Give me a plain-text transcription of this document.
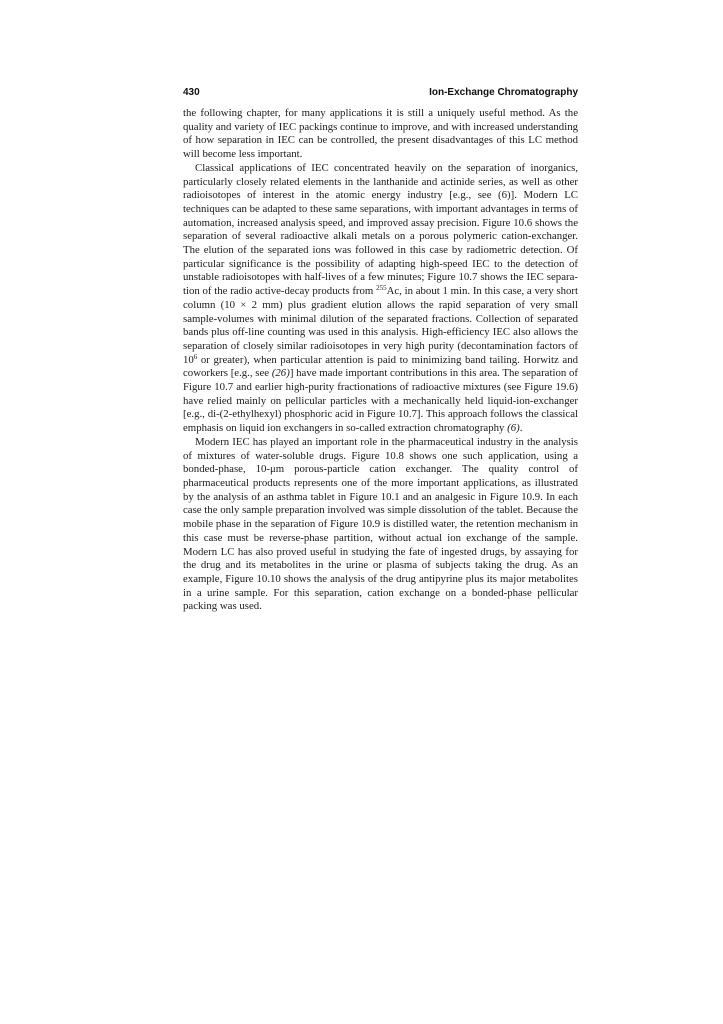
430	Ion-Exchange Chromatography

the following chapter, for many applications it is still a uniquely useful method. As the quality and variety of IEC packings continue to improve, and with increased understanding of how separation in IEC can be controlled, the present disadvantages of this LC method will become less important.

Classical applications of IEC concentrated heavily on the separation of inorganics, particularly closely related elements in the lanthanide and actinide series, as well as other radioisotopes of interest in the atomic energy industry [e.g., see (6)]. Modern LC techniques can be adapted to these same separations, with important advantages in terms of automation, increased analysis speed, and improved assay precision. Figure 10.6 shows the separation of several radioactive alkali metals on a porous polymeric cation-exchanger. The elution of the separated ions was followed in this case by radiometric detection. Of particular significance is the possibility of adapting high-speed IEC to the detection of unstable radioisotopes with half-lives of a few minutes; Figure 10.7 shows the IEC separation of the radio active-decay products from $^{255}$Ac, in about 1 min. In this case, a very short column (10 × 2 mm) plus gradient elution allows the rapid separation of very small sample-volumes with minimal dilution of the separated fractions. Collection of separated bands plus off-line counting was used in this analysis. High-efficiency IEC also allows the separation of closely similar radioisotopes in very high purity (decontamination factors of $10^6$ or greater), when particular attention is paid to minimizing band tailing. Horwitz and coworkers [e.g., see (26)] have made important contributions in this area. The separation of Figure 10.7 and earlier high-purity fractionations of radioactive mixtures (see Figure 19.6) have relied mainly on pellicular particles with a mechanically held liquid-ion-exchanger [e.g., di-(2-ethylhexyl) phosphoric acid in Figure 10.7]. This approach follows the classical emphasis on liquid ion exchangers in so-called extraction chromatography (6).

Modern IEC has played an important role in the pharmaceutical industry in the analysis of mixtures of water-soluble drugs. Figure 10.8 shows one such application, using a bonded-phase, 10-μm porous-particle cation exchanger. The quality control of pharmaceutical products represents one of the more important applications, as illustrated by the analysis of an asthma tablet in Figure 10.1 and an analgesic in Figure 10.9. In each case the only sample preparation involved was simple dissolution of the tablet. Because the mobile phase in the separation of Figure 10.9 is distilled water, the retention mechanism in this case must be reverse-phase partition, without actual ion exchange of the sample. Modern LC has also proved useful in studying the fate of ingested drugs, by assaying for the drug and its metabolites in the urine or plasma of subjects taking the drug. As an example, Figure 10.10 shows the analysis of the drug antipyrine plus its major metabolites in a urine sample. For this separation, cation exchange on a bonded-phase pellicular packing was used.
